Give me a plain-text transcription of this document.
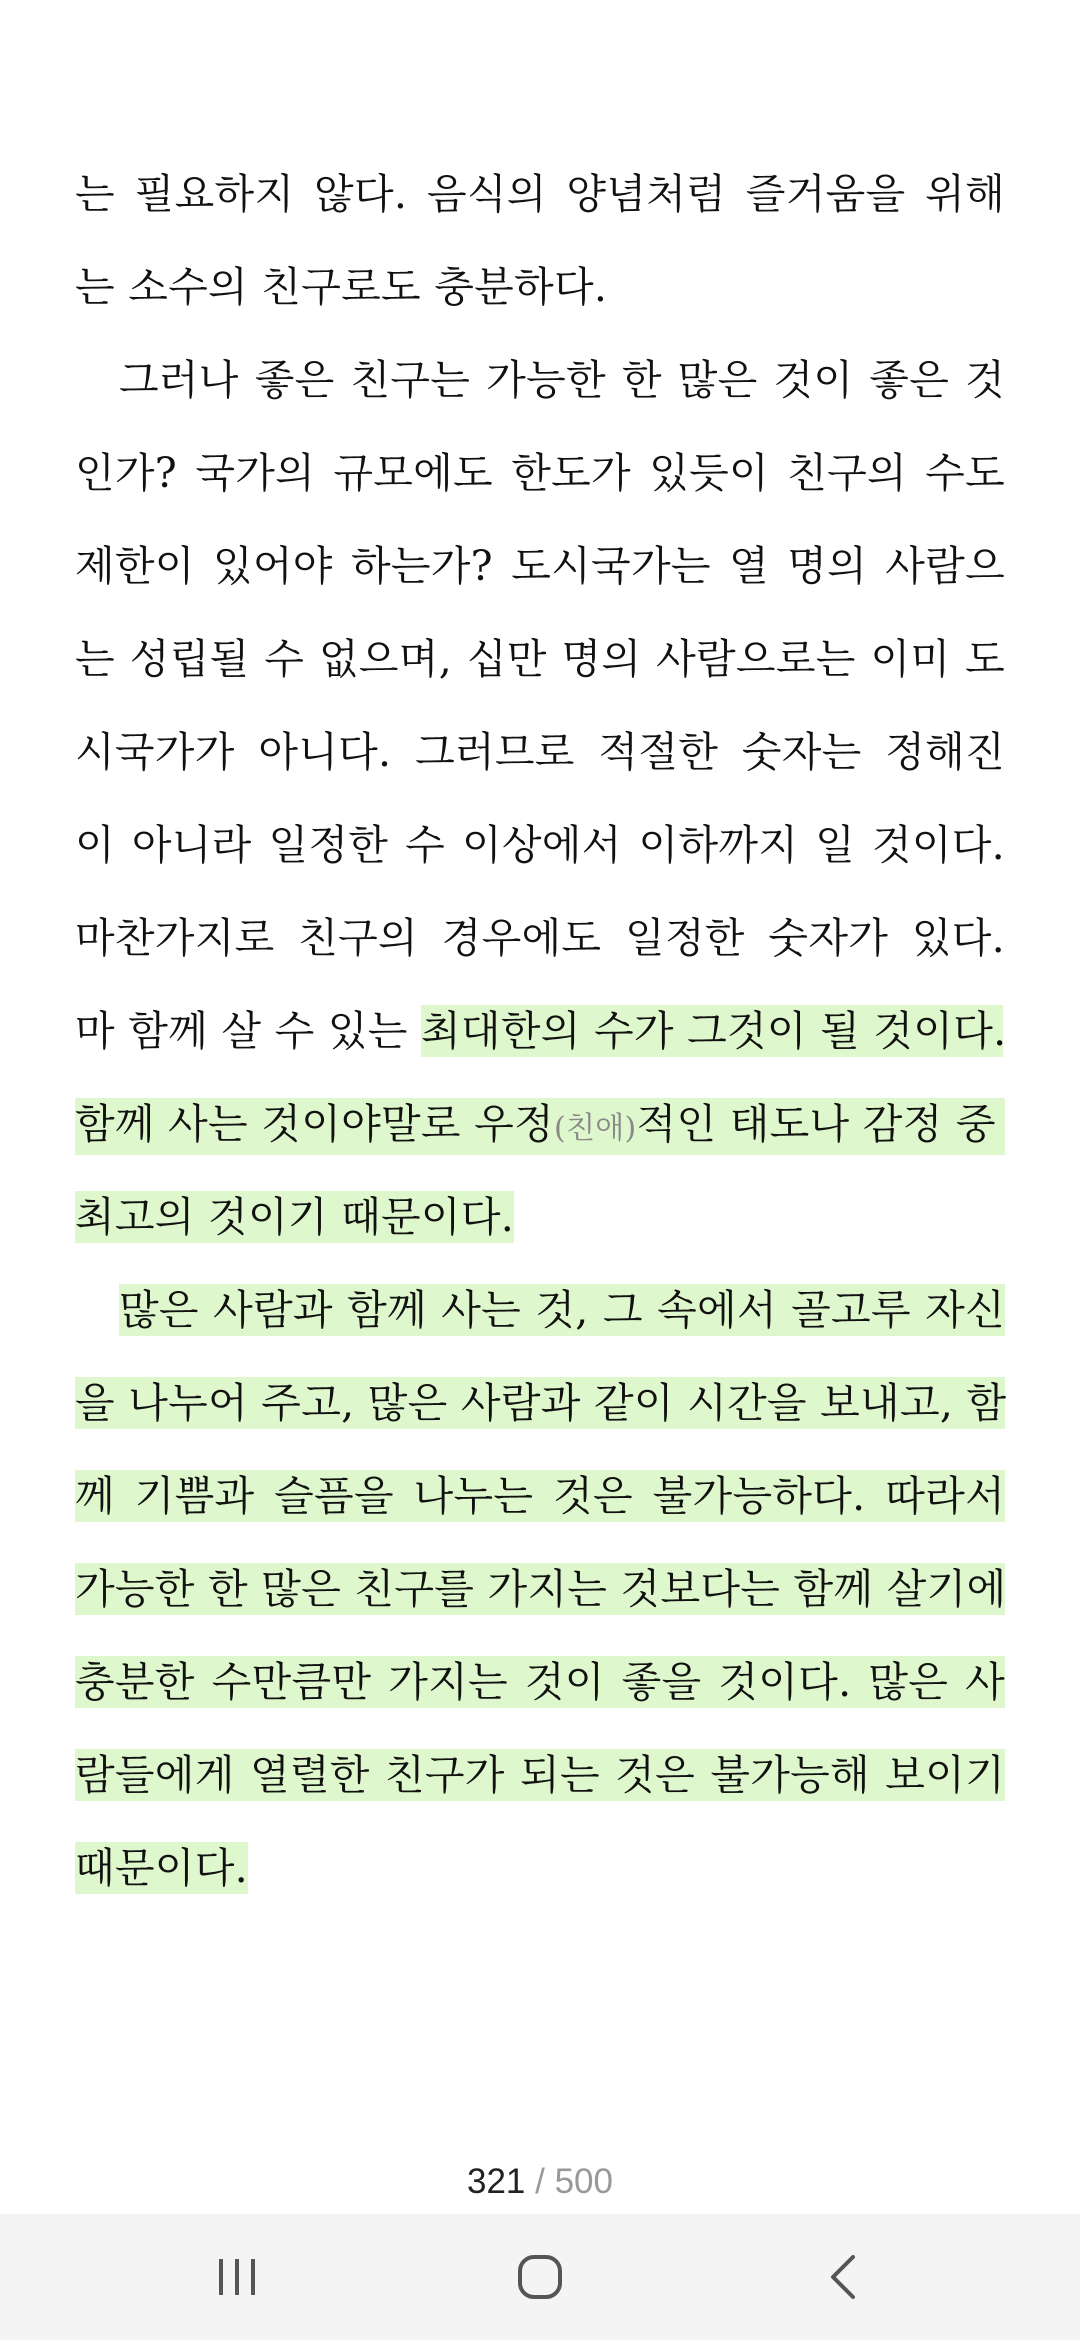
는 필요하지 않다. 음식의 양념처럼 즐거움을 위해
는 소수의 친구로도 충분하다.
그러나 좋은 친구는 가능한 한 많은 것이 좋은 것
인가? 국가의 규모에도 한도가 있듯이 친구의 수도
제한이 있어야 하는가? 도시국가는 열 명의 사람으
는 성립될 수 없으며, 십만 명의 사람으로는 이미 도
시국가가 아니다. 그러므로 적절한 숫자는 정해진
이 아니라 일정한 수 이상에서 이하까지 일 것이다.
마찬가지로 친구의 경우에도 일정한 숫자가 있다.
마 함께 살 수 있는 최대한의 수가 그것이 될 것이다.
함께 사는 것이야말로 우정(친애)적인 태도나 감정 중
최고의 것이기 때문이다.
많은 사람과 함께 사는 것, 그 속에서 골고루 자신
을 나누어 주고, 많은 사람과 같이 시간을 보내고, 함
께 기쁨과 슬픔을 나누는 것은 불가능하다. 따라서
가능한 한 많은 친구를 가지는 것보다는 함께 살기에
충분한 수만큼만 가지는 것이 좋을 것이다. 많은 사
람들에게 열렬한 친구가 되는 것은 불가능해 보이기
때문이다.
321 / 500
